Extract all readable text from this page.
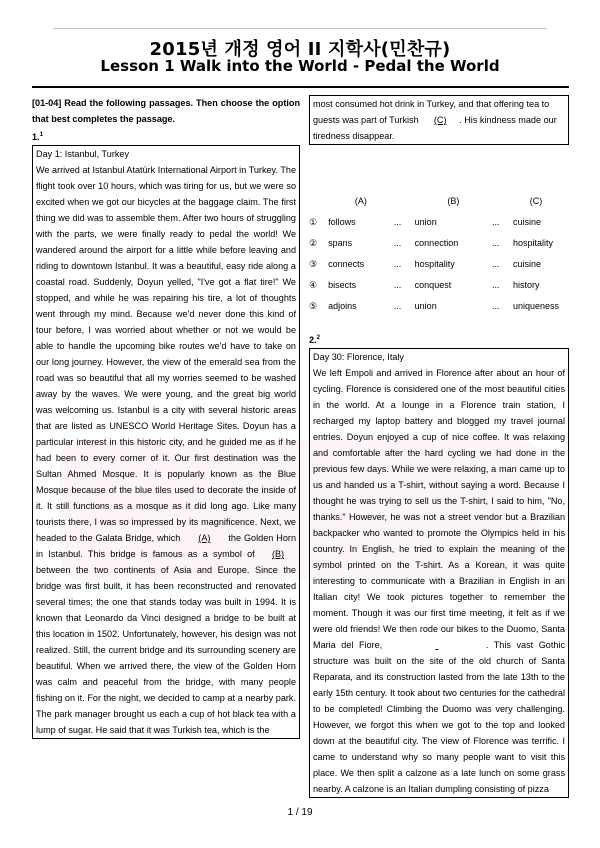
2015년 개정 영어 II 지학사(민찬규)
Lesson 1 Walk into the World - Pedal the World
[01-04] Read the following passages. Then choose the option that best completes the passage.
1.$^1$

Day 1: Istanbul, Turkey

We arrived at Istanbul Atatürk International Airport in Turkey. The flight took over 10 hours, which was tiring for us, but we were so excited when we got our bicycles at the baggage claim. The first thing we did was to assemble them. After two hours of struggling with the parts, we were finally ready to pedal the world! We wandered around the airport for a little while before leaving and riding to downtown Istanbul. It was a beautiful, easy ride along a coastal road. Suddenly, Doyun yelled, "I've got a flat tire!" We stopped, and while he was repairing his tire, a lot of thoughts went through my mind. Because we'd never done this kind of tour before, I was worried about whether or not we would be able to handle the upcoming bike routes we'd have to take on our long journey. However, the view of the emerald sea from the road was so beautiful that all my worries seemed to be washed away by the waves. We were young, and the great big world was welcoming us. Istanbul is a city with several historic areas that are listed as UNESCO World Heritage Sites. Doyun has a particular interest in this historic city, and he guided me as if he had been to every corner of it. Our first destination was the Sultan Ahmed Mosque. It is popularly known as the Blue Mosque because of the blue tiles used to decorate the inside of it. It still functions as a mosque as it did long ago. Like many tourists there, I was so impressed by its magnificence. Next, we headed to the Galata Bridge, which (A) the Golden Horn in Istanbul. This bridge is famous as a symbol of (B) between the two continents of Asia and Europe. Since the bridge was first built, it has been reconstructed and renovated several times; the one that stands today was built in 1994. It is known that Leonardo da Vinci designed a bridge to be built at this location in 1502. Unfortunately, however, his design was not realized. Still, the current bridge and its surrounding scenery are beautiful. When we arrived there, the view of the Golden Horn was calm and peaceful from the bridge, with many people fishing on it. For the night, we decided to camp at a nearby park. The park manager brought us each a cup of hot black tea with a lump of sugar. He said that it was Turkish tea, which is the

most consumed hot drink in Turkey, and that offering tea to guests was part of Turkish (C) . His kindness made our tiredness disappear.
	(A)		(B)		(C)
①	follows	...	union	...	cuisine
②	spans	...	connection	...	hospitality
③	connects	...	hospitality	...	cuisine
④	bisects	...	conquest	...	history
⑤	adjoins	...	union	...	uniqueness
2.$^2$

Day 30: Florence, Italy

We left Empoli and arrived in Florence after about an hour of cycling. Florence is considered one of the most beautiful cities in the world. At a lounge in a Florence train station, I recharged my laptop battery and blogged my travel journal entries. Doyun enjoyed a cup of nice coffee. It was relaxing and comfortable after the hard cycling we had done in the previous few days. While we were relaxing, a man came up to us and handed us a T-shirt, without saying a word. Because I thought he was trying to sell us the T-shirt, I said to him, "No, thanks." However, he was not a street vendor but a Brazilian backpacker who wanted to promote the Olympics held in his country. In English, he tried to explain the meaning of the symbol printed on the T-shirt. As a Korean, it was quite interesting to communicate with a Brazilian in English in an Italian city! We took pictures together to remember the moment. Though it was our first time meeting, it felt as if we were old friends! We then rode our bikes to the Duomo, Santa Maria del Fiore,	. This vast Gothic structure was built on the site of the old church of Santa Reparata, and its construction lasted from the late 13th to the early 15th century. It took about two centuries for the cathedral to be completed! Climbing the Duomo was very challenging. However, we forgot this when we got to the top and looked down at the beautiful city. The view of Florence was terrific. I came to understand why so many people want to visit this place. We then split a calzone as a late lunch on some grass nearby. A calzone is an Italian dumpling consisting of pizza

1 / 19
